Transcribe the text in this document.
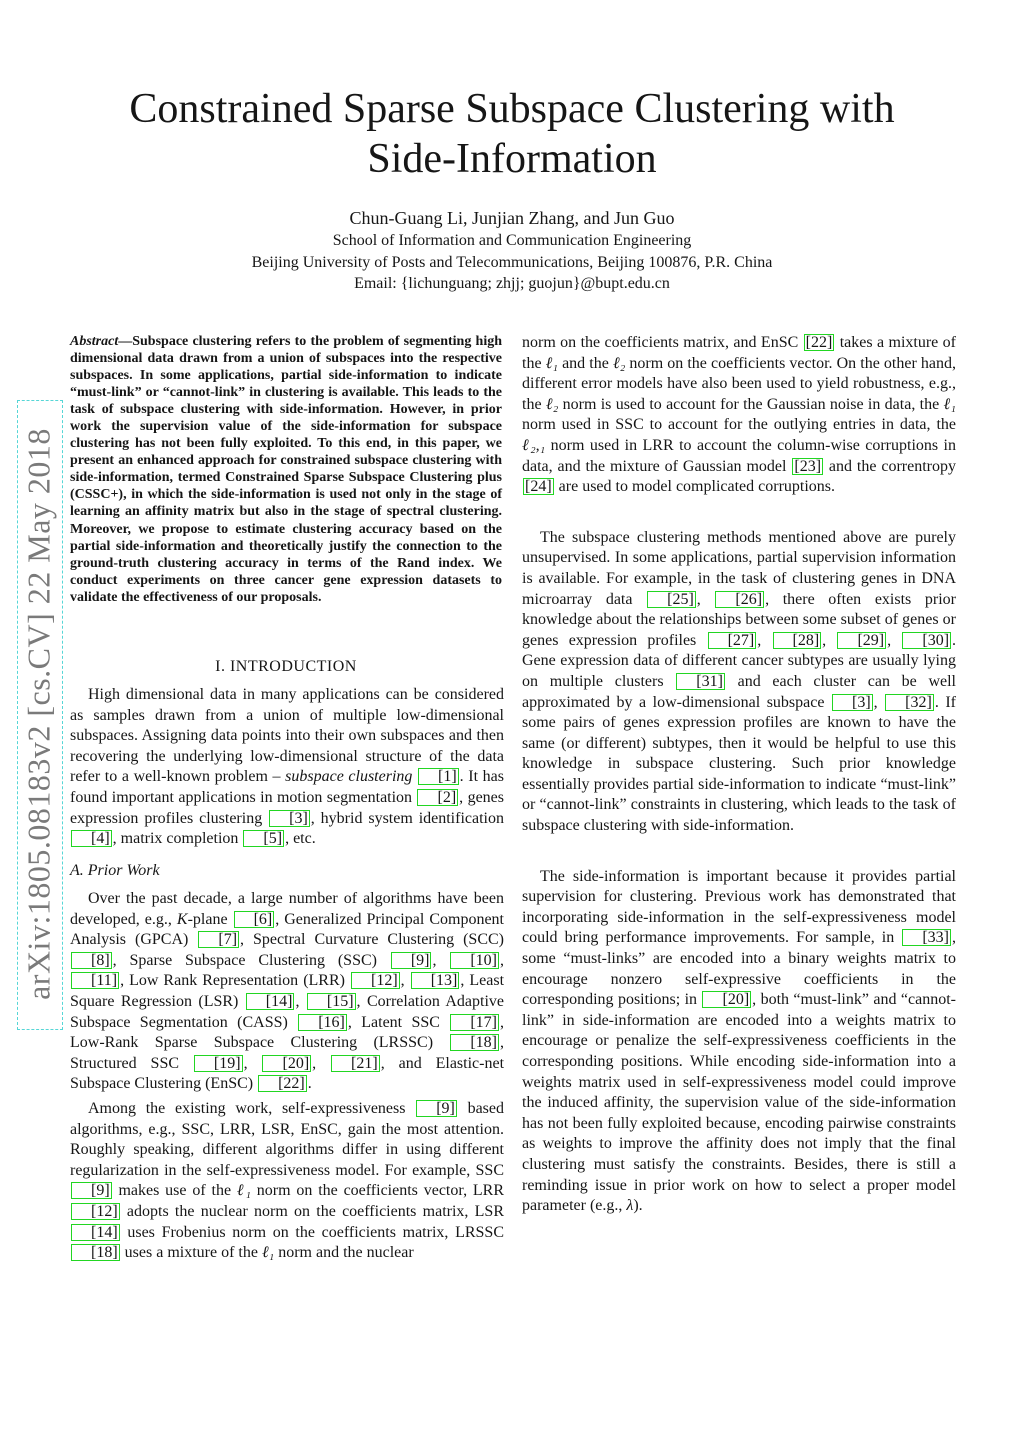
arXiv:1805.08183v2 [cs.CV] 22 May 2018
Constrained Sparse Subspace Clustering with
Side-Information
Chun-Guang Li, Junjian Zhang, and Jun Guo
School of Information and Communication Engineering
Beijing University of Posts and Telecommunications, Beijing 100876, P.R. China
Email: {lichunguang; zhjj; guojun}@bupt.edu.cn
Abstract—Subspace clustering refers to the problem of segmenting high dimensional data drawn from a union of subspaces into the respective subspaces. In some applications, partial side-information to indicate “must-link” or “cannot-link” in clustering is available. This leads to the task of subspace clustering with side-information. However, in prior work the supervision value of the side-information for subspace clustering has not been fully exploited. To this end, in this paper, we present an enhanced approach for constrained subspace clustering with side-information, termed Constrained Sparse Subspace Clustering plus (CSSC+), in which the side-information is used not only in the stage of learning an affinity matrix but also in the stage of spectral clustering. Moreover, we propose to estimate clustering accuracy based on the partial side-information and theoretically justify the connection to the ground-truth clustering accuracy in terms of the Rand index. We conduct experiments on three cancer gene expression datasets to validate the effectiveness of our proposals.
I. INTRODUCTION

High dimensional data in many applications can be considered as samples drawn from a union of multiple low-dimensional subspaces. Assigning data points into their own subspaces and then recovering the underlying low-dimensional structure of the data refer to a well-known problem – subspace clustering [1] . It has found important applications in motion segmentation [2] , genes expression profiles clustering [3] , hybrid system identification [4] , matrix completion [5] , etc.

A. Prior Work

Over the past decade, a large number of algorithms have been developed, e.g., K-plane [6] , Generalized Principal Component Analysis (GPCA) [7] , Spectral Curvature Clustering (SCC) [8] , Sparse Subspace Clustering (SSC) [9] , [10] , [11] , Low Rank Representation (LRR) [12] , [13] , Least Square Regression (LSR) [14] , [15] , Correlation Adaptive Subspace Segmentation (CASS) [16] , Latent SSC [17] , Low-Rank Sparse Subspace Clustering (LRSSC) [18] , Structured SSC [19] , [20] , [21] , and Elastic-net Subspace Clustering (EnSC) [22] .

Among the existing work, self-expressiveness [9] based algorithms, e.g., SSC, LRR, LSR, EnSC, gain the most attention. Roughly speaking, different algorithms differ in using different regularization in the self-expressiveness model. For example, SSC [9] makes use of the ℓ₁ norm on the coefficients vector, LRR [12] adopts the nuclear norm on the coefficients matrix, LSR [14] uses Frobenius norm on the coefficients matrix, LRSSC [18] uses a mixture of the ℓ₁ norm and the nuclear

norm on the coefficients matrix, and EnSC [22] takes a mixture of the ℓ₁ and the ℓ₂ norm on the coefficients vector. On the other hand, different error models have also been used to yield robustness, e.g., the ℓ₂ norm is used to account for the Gaussian noise in data, the ℓ₁ norm used in SSC to account for the outlying entries in data, the ℓ₂,₁ norm used in LRR to account the column-wise corruptions in data, and the mixture of Gaussian model [23] and the correntropy [24] are used to model complicated corruptions.

The subspace clustering methods mentioned above are purely unsupervised. In some applications, partial supervision information is available. For example, in the task of clustering genes in DNA microarray data [25] , [26] , there often exists prior knowledge about the relationships between some subset of genes or genes expression profiles [27] , [28] , [29] , [30] . Gene expression data of different cancer subtypes are usually lying on multiple clusters [31] and each cluster can be well approximated by a low-dimensional subspace [3] , [32] . If some pairs of genes expression profiles are known to have the same (or different) subtypes, then it would be helpful to use this knowledge in subspace clustering. Such prior knowledge essentially provides partial side-information to indicate “must-link” or “cannot-link” constraints in clustering, which leads to the task of subspace clustering with side-information.

The side-information is important because it provides partial supervision for clustering. Previous work has demonstrated that incorporating side-information in the self-expressiveness model could bring performance improvements. For sample, in [33] , some “must-links” are encoded into a binary weights matrix to encourage nonzero self-expressive coefficients in the corresponding positions; in [20] , both “must-link” and “cannot-link” in side-information are encoded into a weights matrix to encourage or penalize the self-expressiveness coefficients in the corresponding positions. While encoding side-information into a weights matrix used in self-expressiveness model could improve the induced affinity, the supervision value of the side-information has not been fully exploited because, encoding pairwise constraints as weights to improve the affinity does not imply that the final clustering must satisfy the constraints. Besides, there is still a reminding issue in prior work on how to select a proper model parameter (e.g., λ).
